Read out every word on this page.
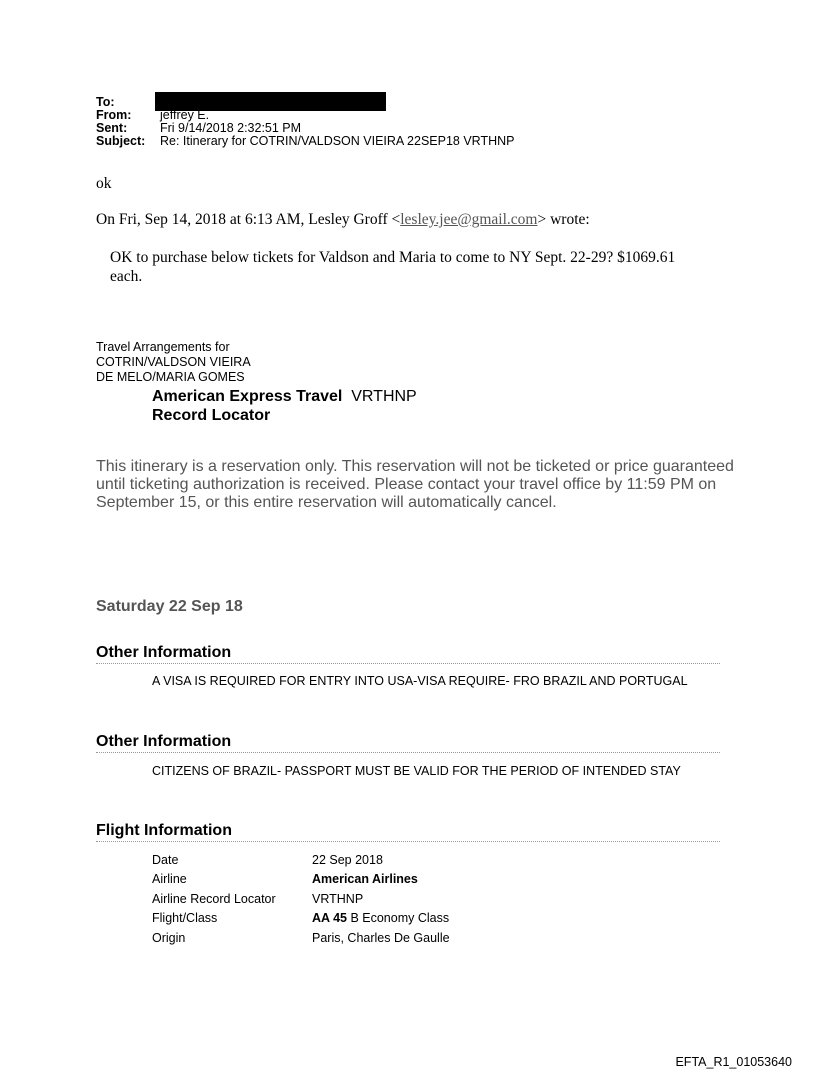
To:
From:	jeffrey E.
Sent:	Fri 9/14/2018 2:32:51 PM
Subject:	Re: Itinerary for COTRIN/VALDSON VIEIRA 22SEP18 VRTHNP
ok
On Fri, Sep 14, 2018 at 6:13 AM, Lesley Groff <lesley.jee@gmail.com> wrote:
OK to purchase below tickets for Valdson and Maria to come to NY Sept. 22-29? $1069.61 each.
Travel Arrangements for
COTRIN/VALDSON VIEIRA
DE MELO/MARIA GOMES
American Express Travel VRTHNP
Record Locator
This itinerary is a reservation only. This reservation will not be ticketed or price guaranteed until ticketing authorization is received. Please contact your travel office by 11:59 PM on September 15, or this entire reservation will automatically cancel.
Saturday 22 Sep 18
Other Information
A VISA IS REQUIRED FOR ENTRY INTO USA-VISA REQUIRE- FRO BRAZIL AND PORTUGAL
Other Information
CITIZENS OF BRAZIL- PASSPORT MUST BE VALID FOR THE PERIOD OF INTENDED STAY
Flight Information
Date	22 Sep 2018
Airline	American Airlines
Airline Record Locator	VRTHNP
Flight/Class	AA 45 B Economy Class
Origin	Paris, Charles De Gaulle
EFTA_R1_01053640
